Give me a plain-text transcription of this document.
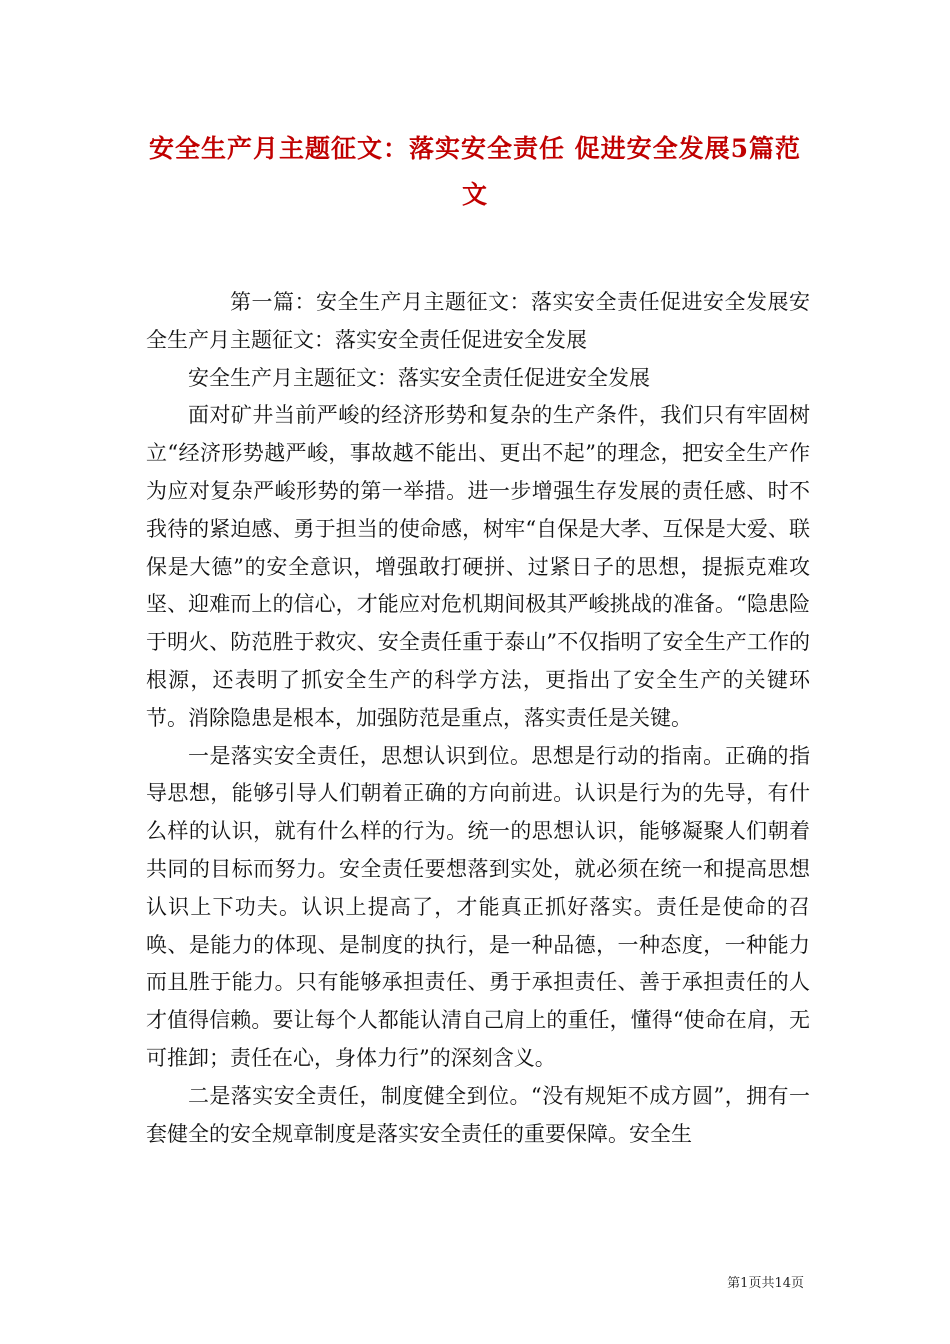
安全生产月主题征文：落实安全责任 促进安全发展5篇范文

第一篇：安全生产月主题征文：落实安全责任促进安全发展安全生产月主题征文：落实安全责任促进安全发展

安全生产月主题征文：落实安全责任促进安全发展

面对矿井当前严峻的经济形势和复杂的生产条件，我们只有牢固树立“经济形势越严峻，事故越不能出、更出不起”的理念，把安全生产作为应对复杂严峻形势的第一举措。进一步增强生存发展的责任感、时不我待的紧迫感、勇于担当的使命感，树牢“自保是大孝、互保是大爱、联保是大德”的安全意识，增强敢打硬拼、过紧日子的思想，提振克难攻坚、迎难而上的信心，才能应对危机期间极其严峻挑战的准备。“隐患险于明火、防范胜于救灾、安全责任重于泰山”不仅指明了安全生产工作的根源，还表明了抓安全生产的科学方法，更指出了安全生产的关键环节。消除隐患是根本，加强防范是重点，落实责任是关键。

一是落实安全责任，思想认识到位。思想是行动的指南。正确的指导思想，能够引导人们朝着正确的方向前进。认识是行为的先导，有什么样的认识，就有什么样的行为。统一的思想认识，能够凝聚人们朝着共同的目标而努力。安全责任要想落到实处，就必须在统一和提高思想认识上下功夫。认识上提高了，才能真正抓好落实。责任是使命的召唤、是能力的体现、是制度的执行，是一种品德，一种态度，一种能力而且胜于能力。只有能够承担责任、勇于承担责任、善于承担责任的人才值得信赖。要让每个人都能认清自己肩上的重任，懂得“使命在肩，无可推卸；责任在心，身体力行”的深刻含义。

二是落实安全责任，制度健全到位。“没有规矩不成方圆”，拥有一套健全的安全规章制度是落实安全责任的重要保障。安全生

第1页共14页
